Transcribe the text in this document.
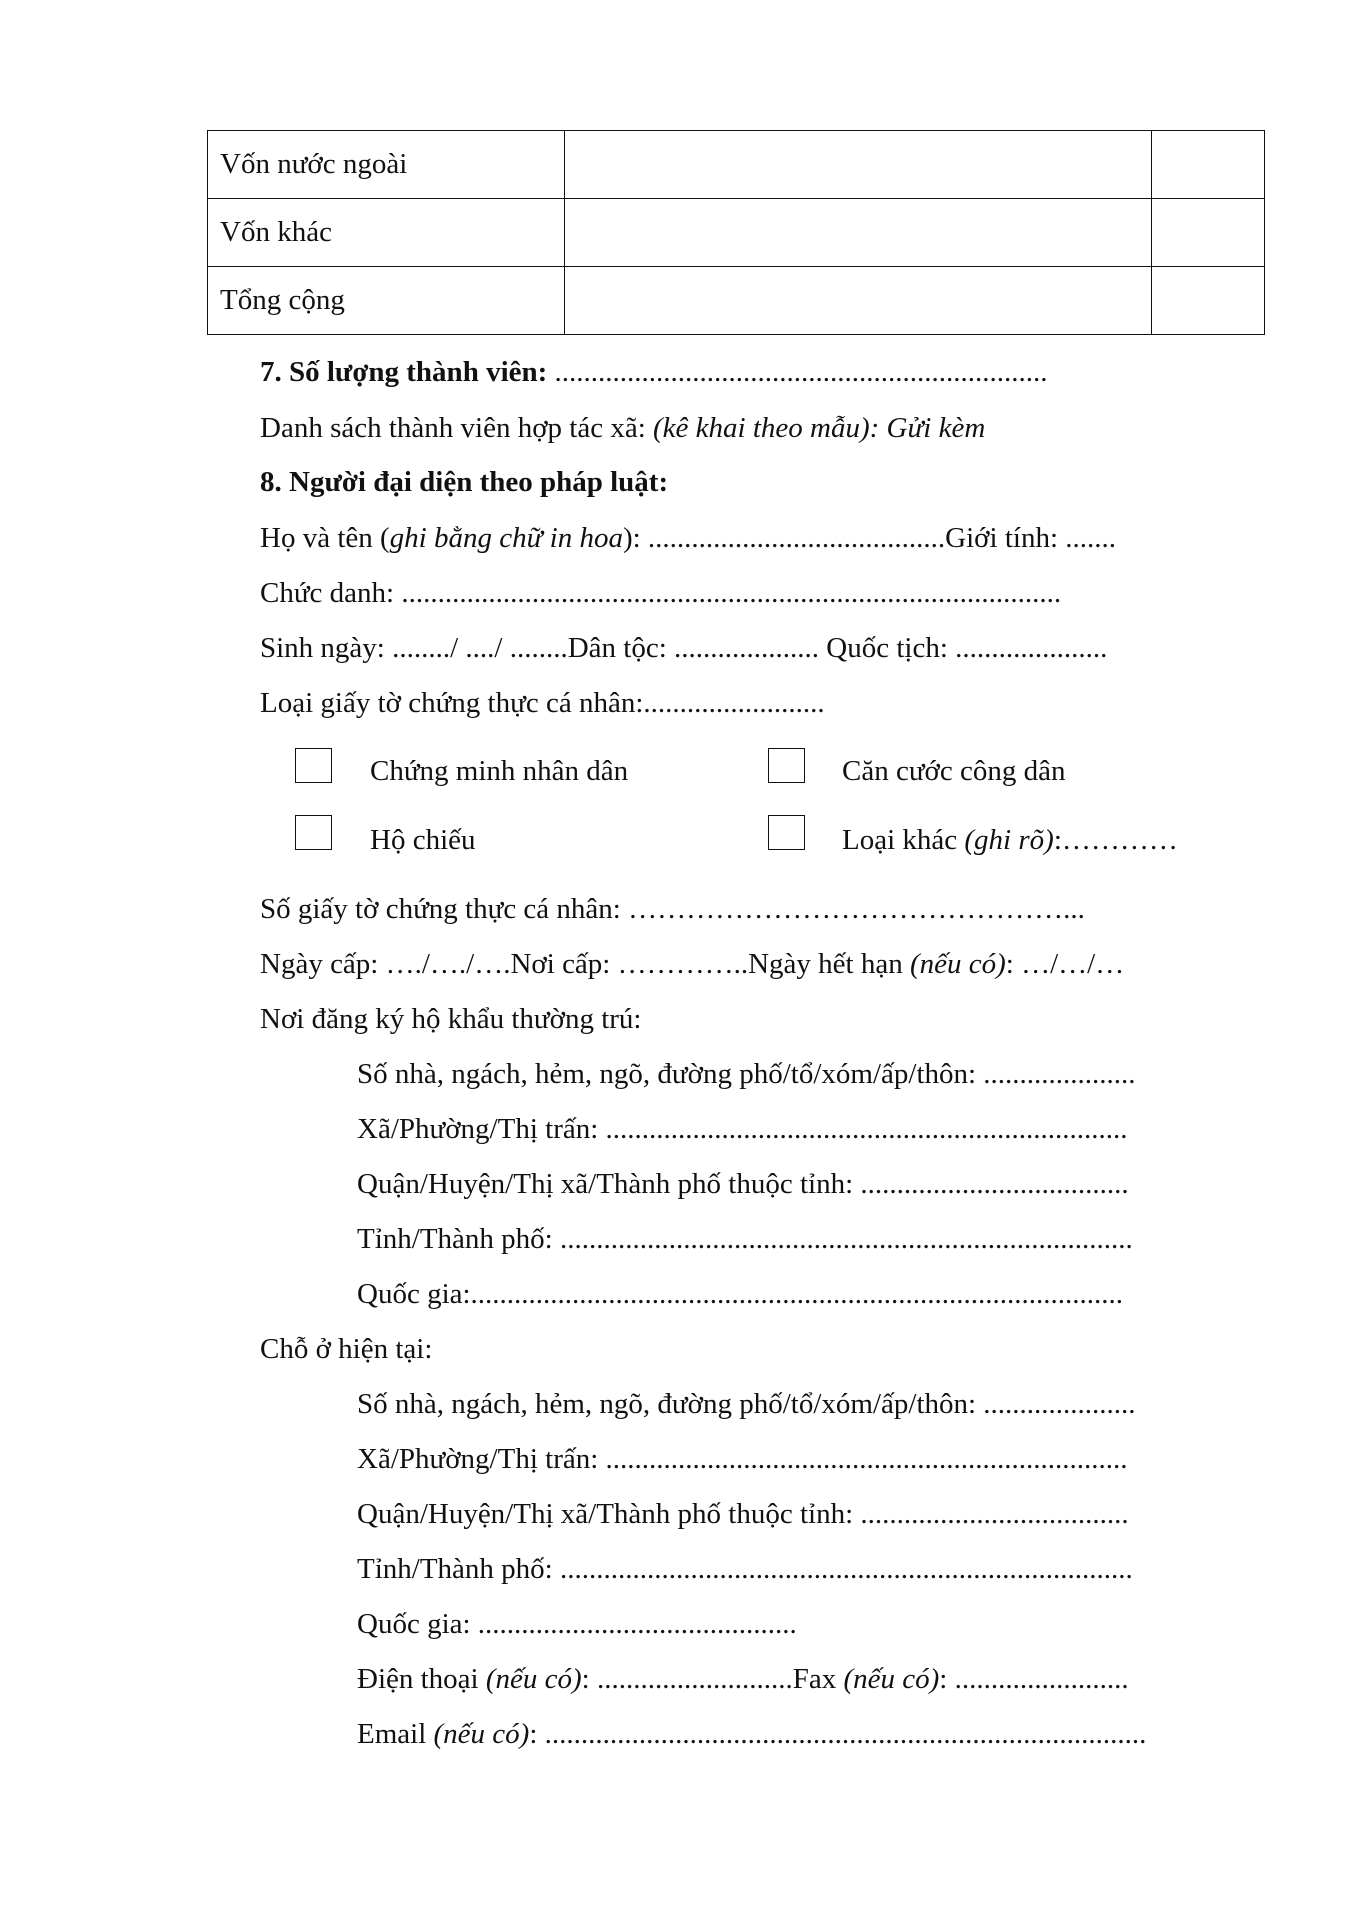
Vốn nước ngoài		
Vốn khác		
Tổng cộng		
7. Số lượng thành viên: ....................................................................
Danh sách thành viên hợp tác xã: (kê khai theo mẫu): Gửi kèm
8. Người đại diện theo pháp luật:
Họ và tên (ghi bằng chữ in hoa): .........................................Giới tính: .......
Chức danh: ...........................................................................................
Sinh ngày: ......../ ..../ ........Dân tộc: .................... Quốc tịch: .....................
Loại giấy tờ chứng thực cá nhân:.........................
Chứng minh nhân dân	Căn cước công dân
Hộ chiếu	Loại khác (ghi rõ):…………
Số giấy tờ chứng thực cá nhân: ………………………………………...
Ngày cấp: …./…./….Nơi cấp: …………..Ngày hết hạn (nếu có): …/…/…
Nơi đăng ký hộ khẩu thường trú:
Số nhà, ngách, hẻm, ngõ, đường phố/tổ/xóm/ấp/thôn: .....................
Xã/Phường/Thị trấn: ........................................................................
Quận/Huyện/Thị xã/Thành phố thuộc tỉnh: .....................................
Tỉnh/Thành phố: ...............................................................................
Quốc gia:..........................................................................................
Chỗ ở hiện tại:
Số nhà, ngách, hẻm, ngõ, đường phố/tổ/xóm/ấp/thôn: .....................
Xã/Phường/Thị trấn: ........................................................................
Quận/Huyện/Thị xã/Thành phố thuộc tỉnh: .....................................
Tỉnh/Thành phố: ...............................................................................
Quốc gia: ............................................
Điện thoại (nếu có): ...........................Fax (nếu có): ........................
Email (nếu có): ...................................................................................
